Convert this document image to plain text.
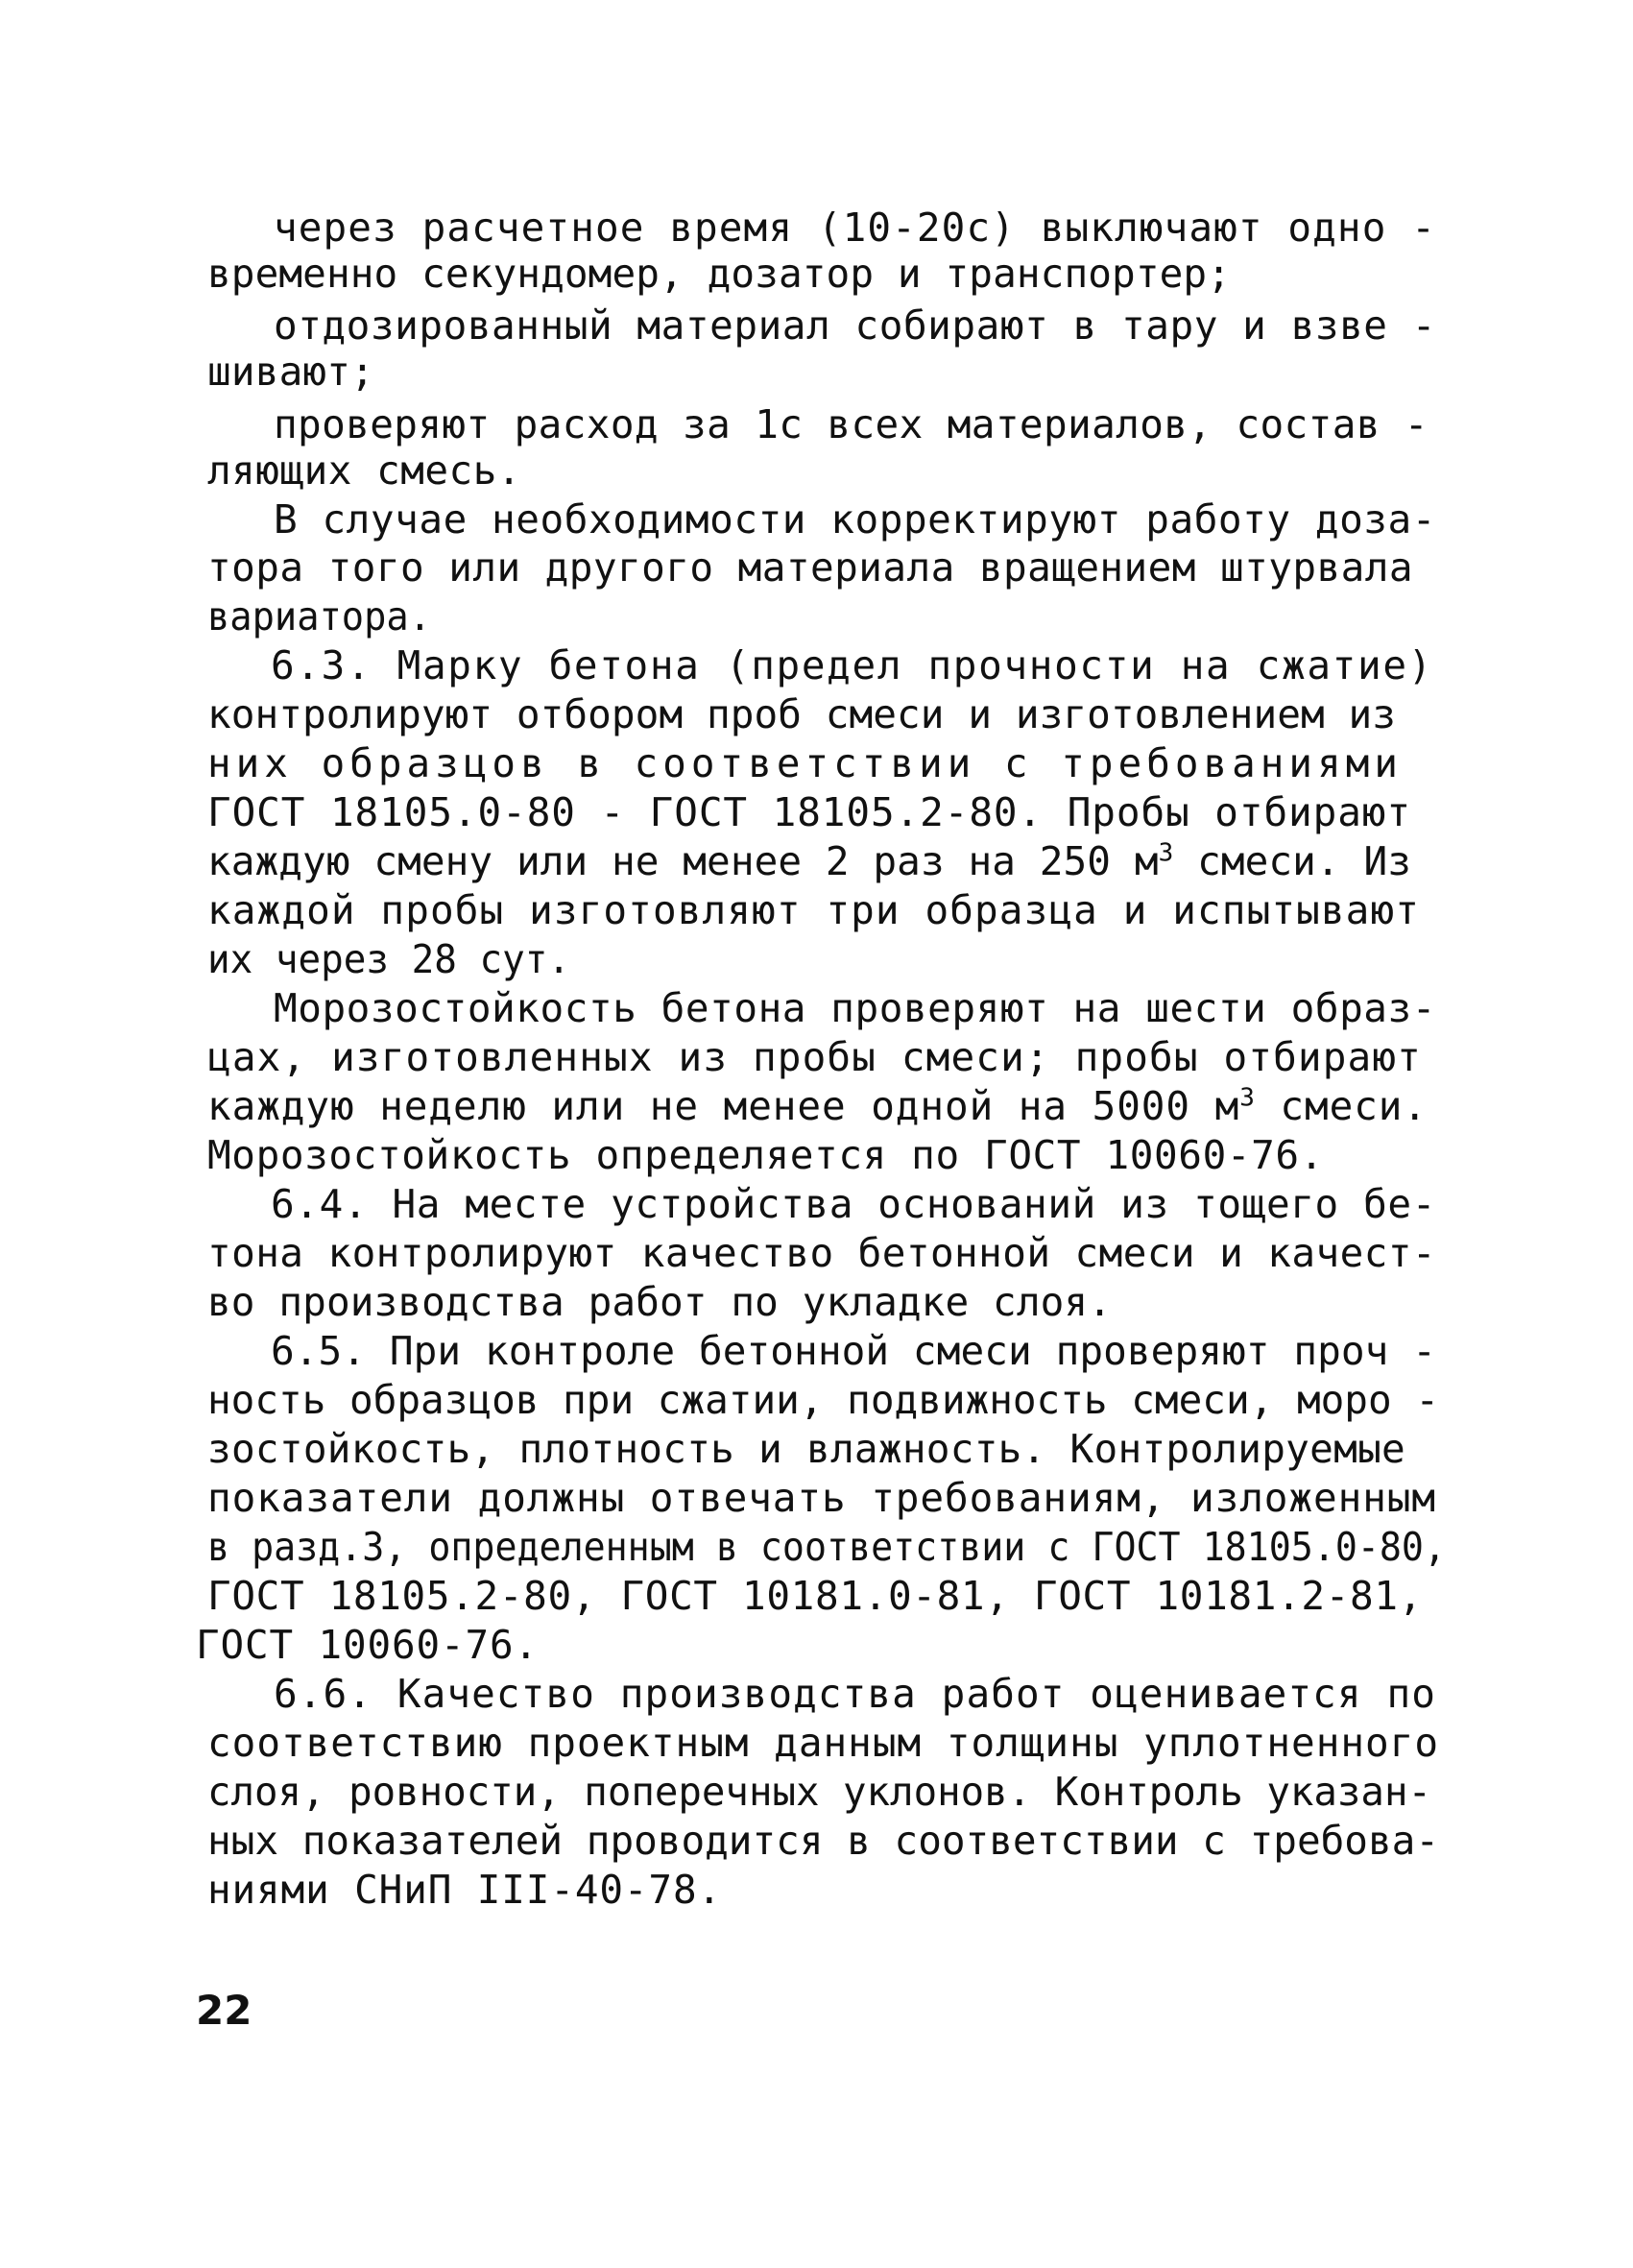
через расчетное время (10-20с) выключают одно -
временно секундомер, дозатор и транспортер;
отдозированный материал собирают в тару и взве -
шивают;
проверяют расход за 1с всех материалов, состав -
ляющих смесь.
В случае необходимости корректируют работу доза-
тора того или другого материала вращением штурвала
вариатора.
6.3. Марку бетона (предел прочности на сжатие)
контролируют отбором проб смеси и изготовлением из
них образцов в соответствии с требованиями
ГОСТ 18105.0-80 - ГОСТ 18105.2-80. Пробы отбирают
каждую смену или не менее 2 раз на 250 $м^3$ смеси. Из
каждой пробы изготовляют три образца и испытывают
их через 28 сут.
Морозостойкость бетона проверяют на шести образ-
цах, изготовленных из пробы смеси; пробы отбирают
каждую неделю или не менее одной на 5000 $м^3$ смеси.
Морозостойкость определяется по ГОСТ 10060-76.
6.4. На месте устройства оснований из тощего бе-
тона контролируют качество бетонной смеси и качест-
во производства работ по укладке слоя.
6.5. При контроле бетонной смеси проверяют проч -
ность образцов при сжатии, подвижность смеси, моро -
зостойкость, плотность и влажность. Контролируемые
показатели должны отвечать требованиям, изложенным
в разд.3, определенным в соответствии с ГОСТ 18105.0-80,
ГОСТ 18105.2-80, ГОСТ 10181.0-81, ГОСТ 10181.2-81,
ГОСТ 10060-76.
6.6. Качество производства работ оценивается по
соответствию проектным данным толщины уплотненного
слоя, ровности, поперечных уклонов. Контроль указан-
ных показателей проводится в соответствии с требова-
ниями СНиП III-40-78.
22
